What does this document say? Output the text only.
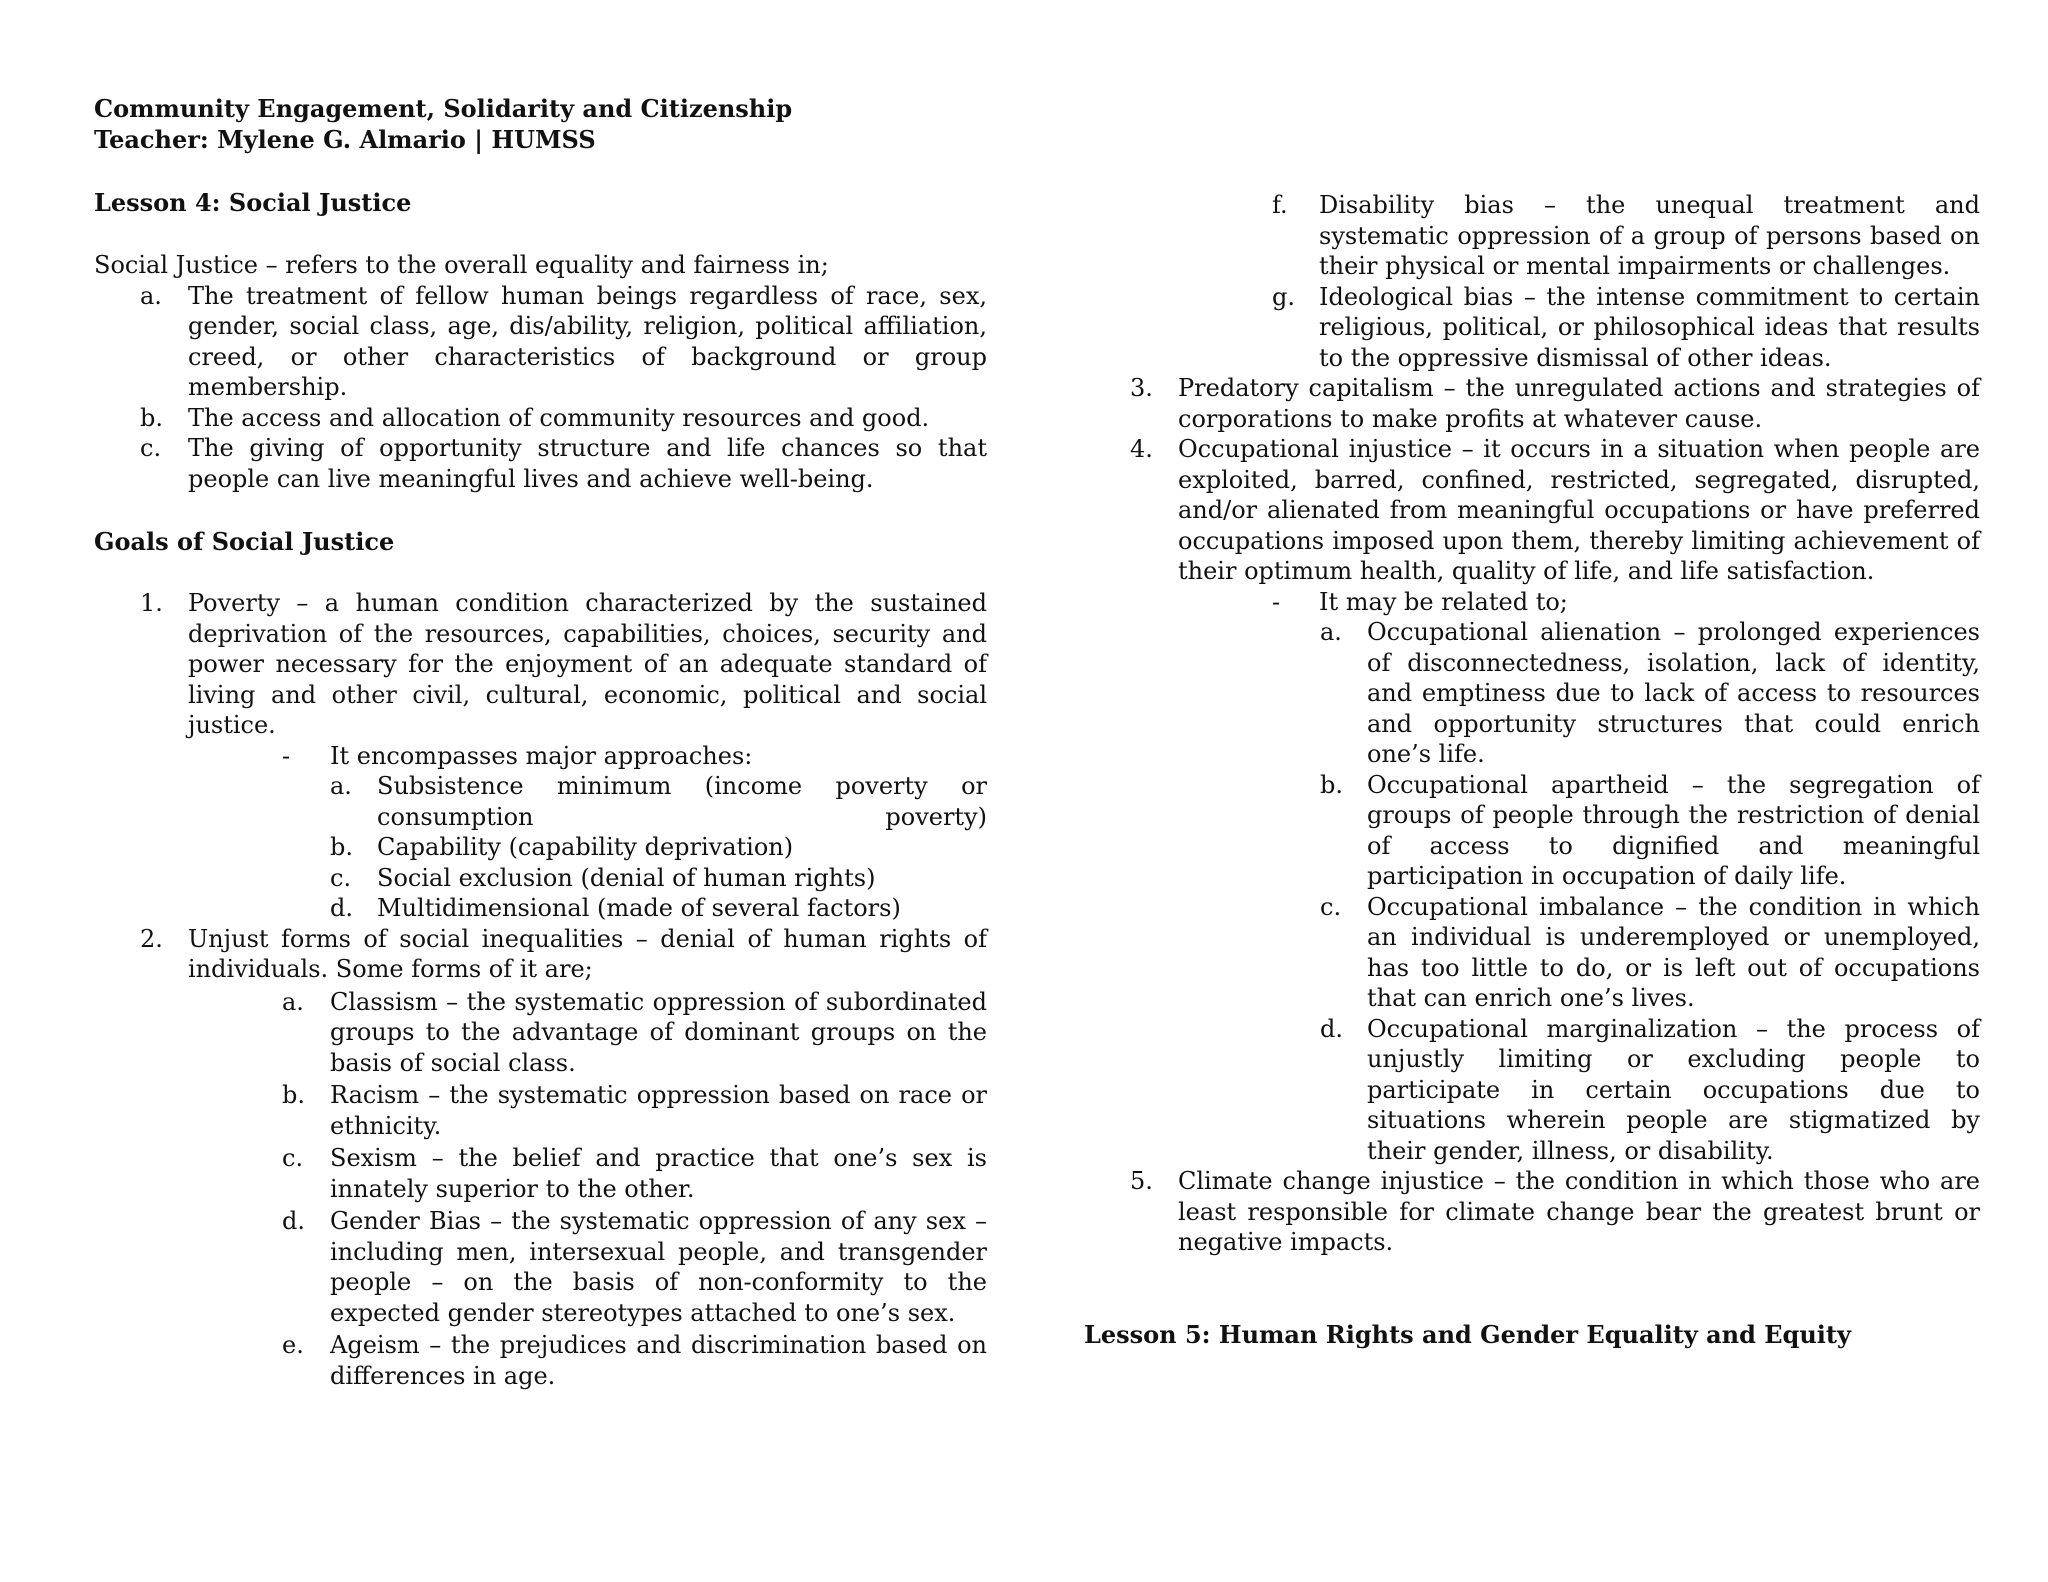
Community Engagement, Solidarity and Citizenship
Teacher: Mylene G. Almario | HUMSS
Lesson 4: Social Justice

Social Justice – refers to the overall equality and fairness in;

a. The treatment of fellow human beings regardless of race, sex, gender, social class, age, dis/ability, religion, political affiliation, creed, or other characteristics of background or group membership.
b. The access and allocation of community resources and good.
c. The giving of opportunity structure and life chances so that people can live meaningful lives and achieve well-being.
Goals of Social Justice
1. Poverty – a human condition characterized by the sustained deprivation of the resources, capabilities, choices, security and power necessary for the enjoyment of an adequate standard of living and other civil, cultural, economic, political and social justice.
- It encompasses major approaches:
a. Subsistence minimum (income poverty or consumption poverty)
b. Capability (capability deprivation)
c. Social exclusion (denial of human rights)
d. Multidimensional (made of several factors)
2. Unjust forms of social inequalities – denial of human rights of individuals. Some forms of it are;
a. Classism – the systematic oppression of subordinated groups to the advantage of dominant groups on the basis of social class.
b. Racism – the systematic oppression based on race or ethnicity.
c. Sexism – the belief and practice that one’s sex is innately superior to the other.
d. Gender Bias – the systematic oppression of any sex – including men, intersexual people, and transgender people – on the basis of non-conformity to the expected gender stereotypes attached to one’s sex.
e. Ageism – the prejudices and discrimination based on differences in age.
f. Disability bias – the unequal treatment and systematic oppression of a group of persons based on their physical or mental impairments or challenges.
g. Ideological bias – the intense commitment to certain religious, political, or philosophical ideas that results to the oppressive dismissal of other ideas.
3. Predatory capitalism – the unregulated actions and strategies of corporations to make profits at whatever cause.
4. Occupational injustice – it occurs in a situation when people are exploited, barred, confined, restricted, segregated, disrupted, and/or alienated from meaningful occupations or have preferred occupations imposed upon them, thereby limiting achievement of their optimum health, quality of life, and life satisfaction.
- It may be related to;
a. Occupational alienation – prolonged experiences of disconnectedness, isolation, lack of identity, and emptiness due to lack of access to resources and opportunity structures that could enrich one’s life.
b. Occupational apartheid – the segregation of groups of people through the restriction of denial of access to dignified and meaningful participation in occupation of daily life.
c. Occupational imbalance – the condition in which an individual is underemployed or unemployed, has too little to do, or is left out of occupations that can enrich one’s lives.
d. Occupational marginalization – the process of unjustly limiting or excluding people to participate in certain occupations due to situations wherein people are stigmatized by their gender, illness, or disability.
5. Climate change injustice – the condition in which those who are least responsible for climate change bear the greatest brunt or negative impacts.
Lesson 5: Human Rights and Gender Equality and Equity
